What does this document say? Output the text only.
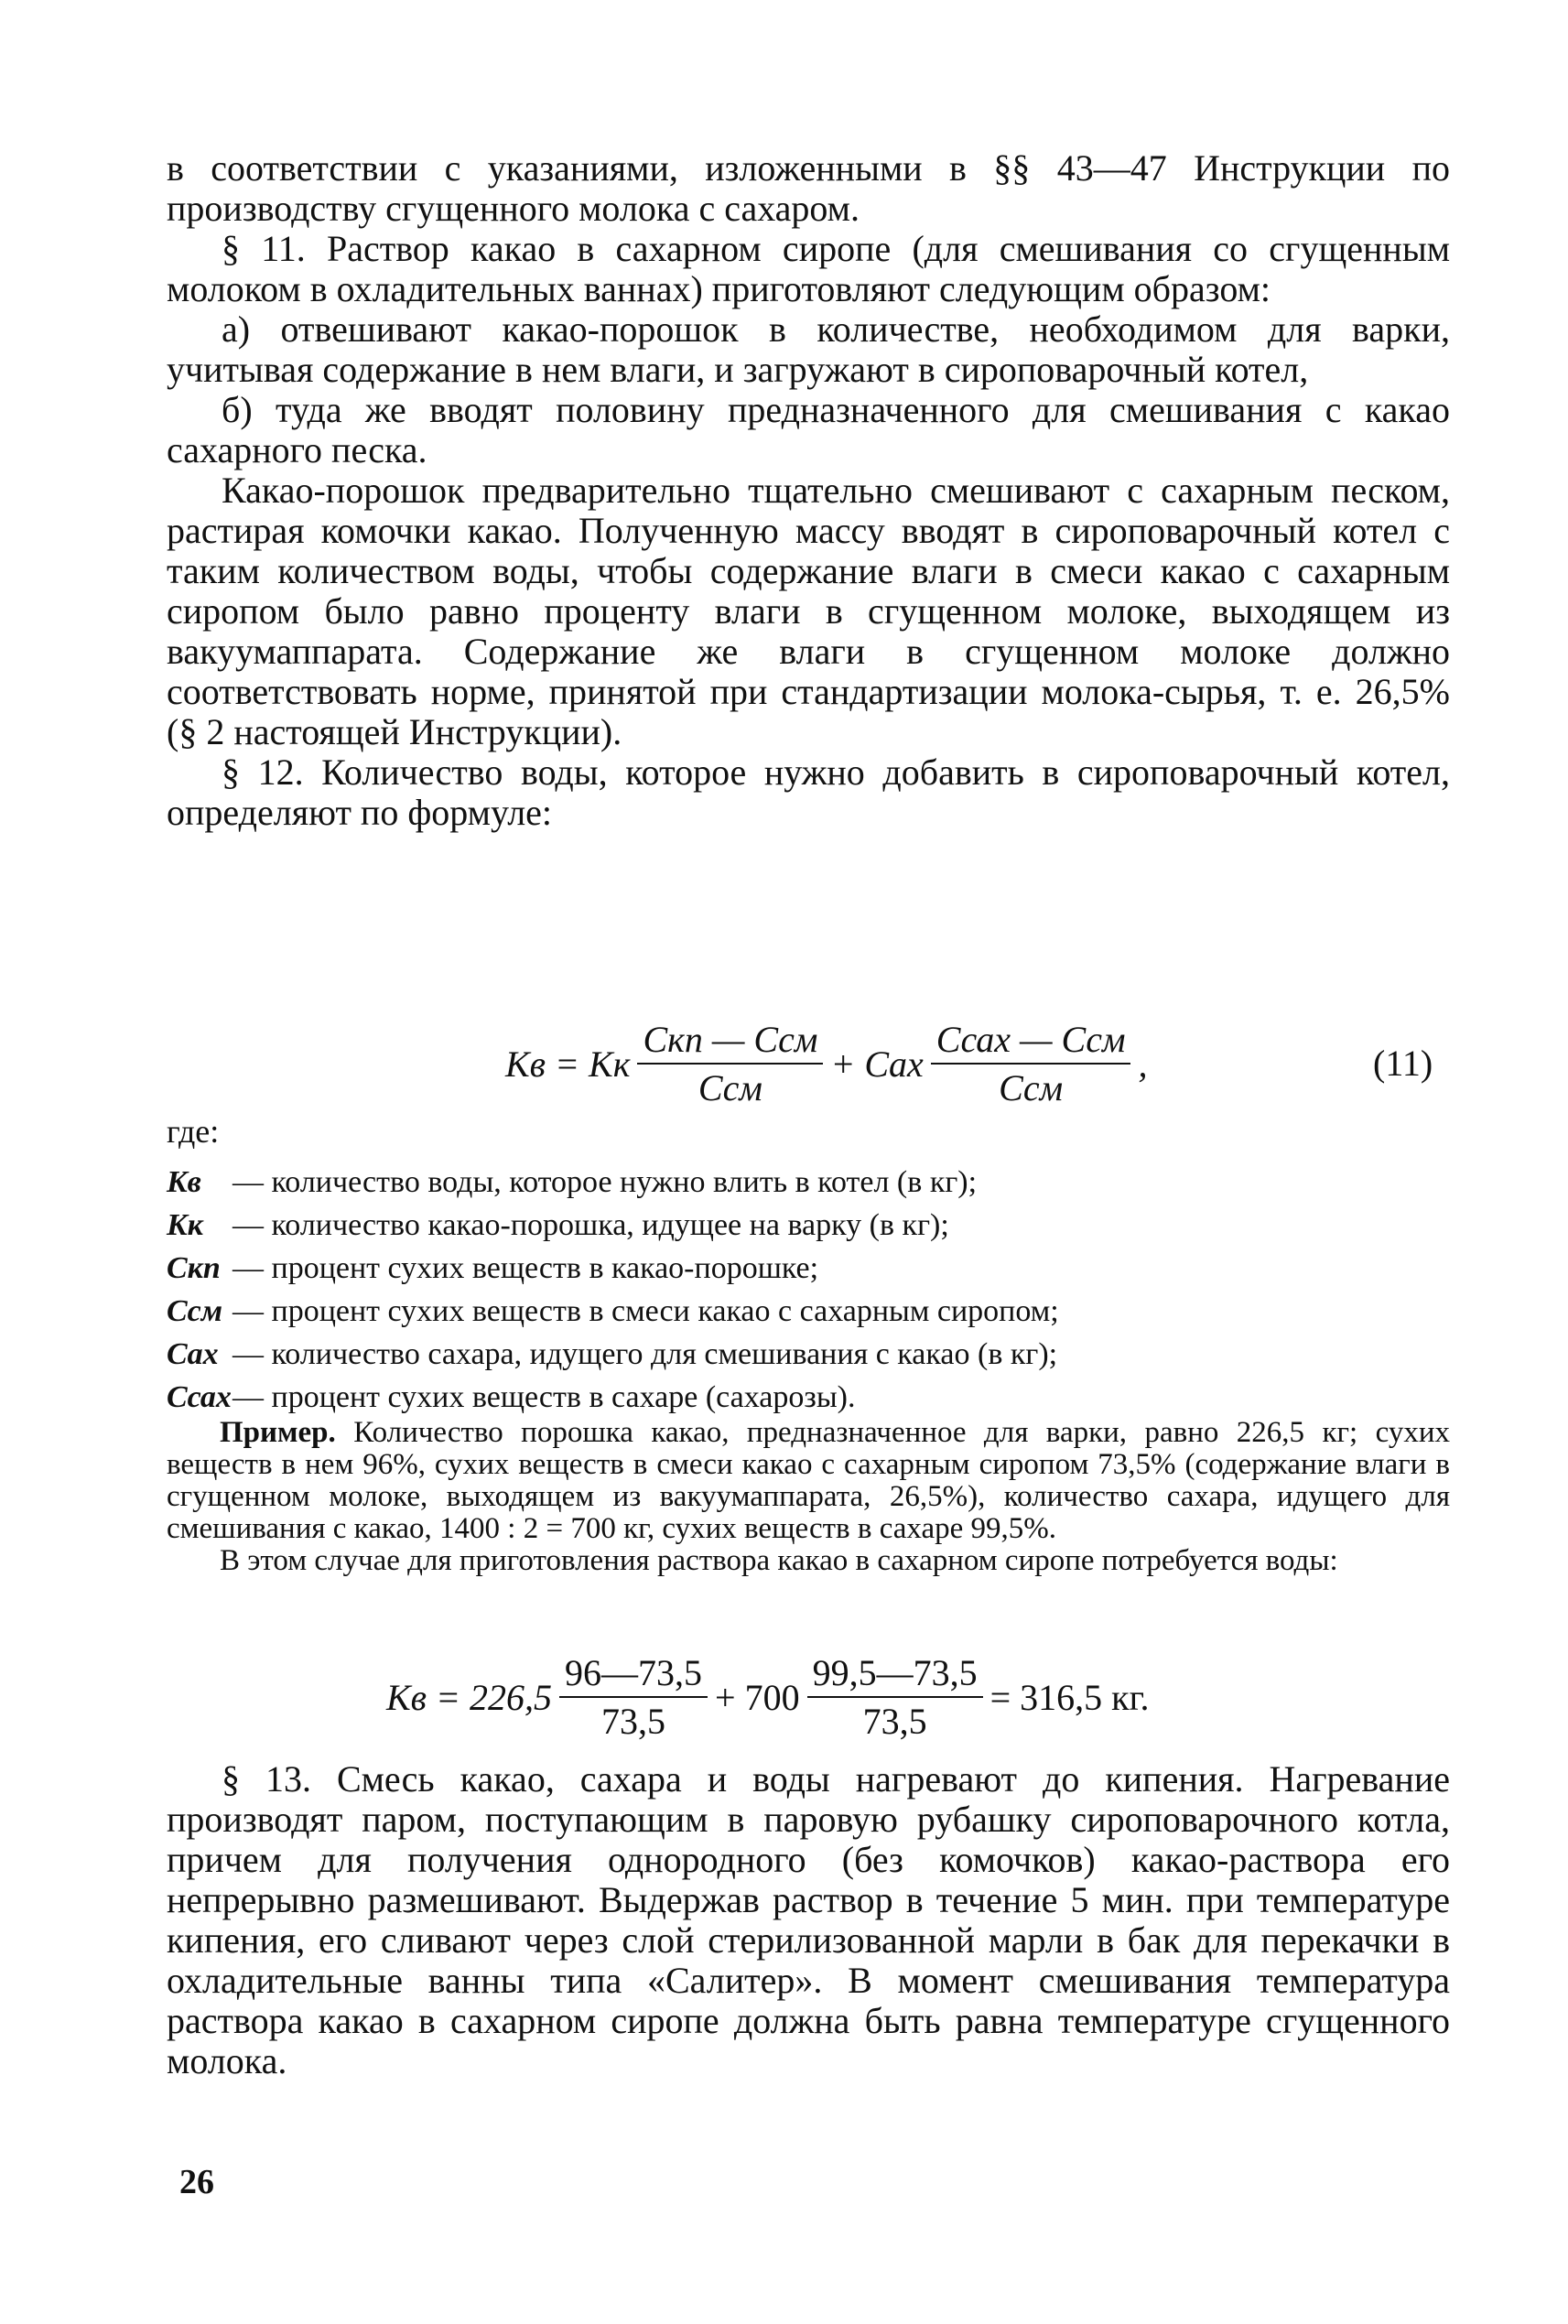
в соответствии с указаниями, изложенными в §§ 43—47 Инструкции по производству сгущенного молока с сахаром.

§ 11. Раствор какао в сахарном сиропе (для смешивания со сгущенным молоком в охладительных ваннах) приготовляют следующим образом:

а) отвешивают какао-порошок в количестве, необходимом для варки, учитывая содержание в нем влаги, и загружают в сироповарочный котел,

б) туда же вводят половину предназначенного для смешивания с какао сахарного песка.

Какао-порошок предварительно тщательно смешивают с сахарным песком, растирая комочки какао. Полученную массу вводят в сироповарочный котел с таким количеством воды, чтобы содержание влаги в смеси какао с сахарным сиропом было равно проценту влаги в сгущенном молоке, выходящем из вакуумаппарата. Содержание же влаги в сгущенном молоке должно соответствовать норме, принятой при стандартизации молока-сырья, т. е. 26,5% (§ 2 настоящей Инструкции).

§ 12. Количество воды, которое нужно добавить в сироповарочный котел, определяют по формуле:

Kв = Kк $\frac{\text{Cкп — Cсм}}{\text{Cсм}}$ + Cах $\frac{\text{Cсах — Cсм}}{\text{Cсм}}$ ,	(11)
где:
Kв	— количество воды, которое нужно влить в котел (в кг);
Kк — количество какао-порошка, идущее на варку (в кг);
Cкп — процент сухих веществ в какао-порошке;
Cсм — процент сухих веществ в смеси какао с сахарным сиропом;
Cах — количество сахара, идущего для смешивания с какао (в кг);
Cсах — процент сухих веществ в сахаре (сахарозы).

Пример. Количество порошка какао, предназначенное для варки, равно 226,5 кг; сухих веществ в нем 96%, сухих веществ в смеси какао с сахарным сиропом 73,5% (содержание влаги в сгущенном молоке, выходящем из вакуумаппарата, 26,5%), количество сахара, идущего для смешивания с какао, 1400 : 2 = 700 кг, сухих веществ в сахаре 99,5%.

В этом случае для приготовления раствора какао в сахарном сиропе потребуется воды:

Kв = $226,5 \frac{96—73,5}{73,5} + 700 \frac{99,5—73,5}{73,5} = 316,5$ кг.

§ 13. Смесь какао, сахара и воды нагревают до кипения. Нагревание производят паром, поступающим в паровую рубашку сироповарочного котла, причем для получения однородного (без комочков) какао-раствора его непрерывно размешивают. Выдержав раствор в течение 5 мин. при температуре кипения, его сливают через слой стерилизованной марли в бак для перекачки в охладительные ванны типа «Салитер». В момент смешивания температура раствора какао в сахарном сиропе должна быть равна температуре сгущенного молока.

26
